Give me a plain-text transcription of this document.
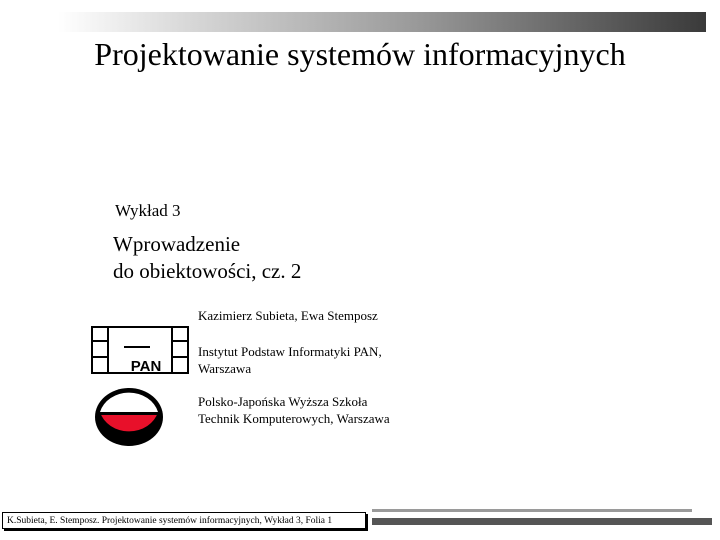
Projektowanie systemów informacyjnych
Wykład 3
Wprowadzenie
do obiektowości, cz. 2
Kazimierz Subieta, Ewa Stemposz
PAN
Instytut Podstaw Informatyki PAN,
Warszawa
Polsko-Japońska Wyższa Szkoła
Technik Komputerowych, Warszawa
K.Subieta, E. Stemposz. Projektowanie systemów informacyjnych, Wykład 3, Folia 1
